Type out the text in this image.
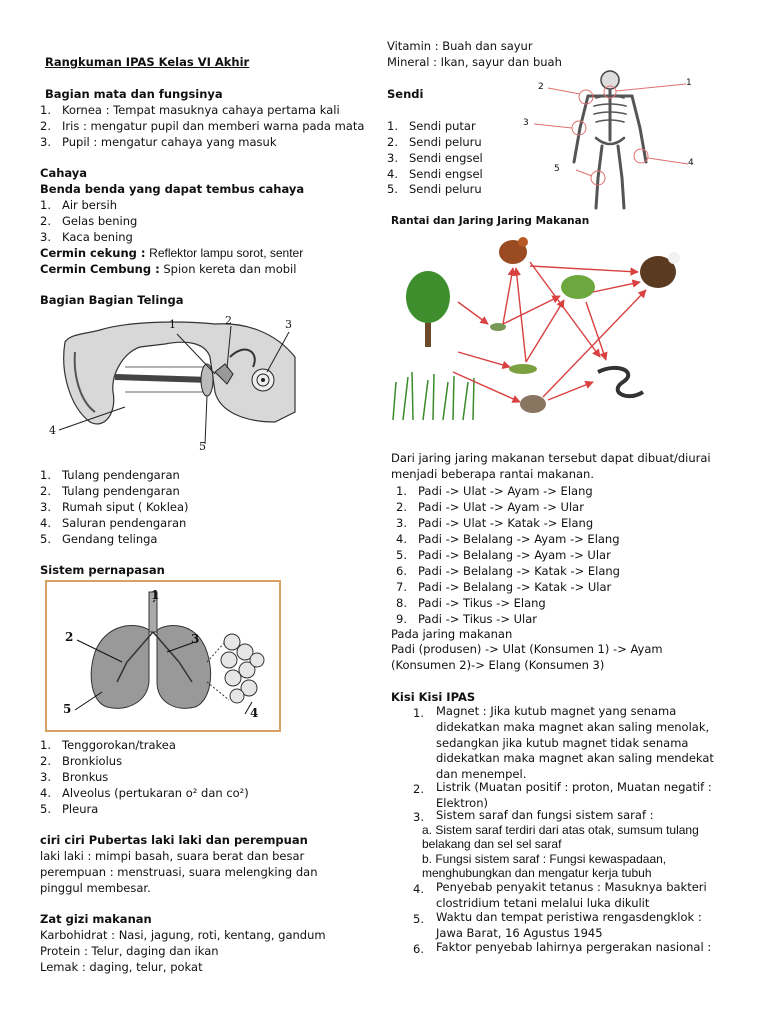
Rangkuman IPAS Kelas VI Akhir
Bagian mata dan fungsinya
1. Kornea : Tempat masuknya cahaya pertama kali
2. Iris : mengatur pupil dan memberi warna pada mata
3. Pupil : mengatur cahaya yang masuk
Cahaya
Benda benda yang dapat tembus cahaya
1. Air bersih
2. Gelas bening
3. Kaca bening
Cermin cekung : Reflektor lampu sorot, senter
Cermin Cembung : Spion kereta dan mobil
Bagian Bagian Telinga
1	2	3
4
5
1. Tulang pendengaran
2. Tulang pendengaran
3. Rumah siput ( Koklea)
4. Saluran pendengaran
5. Gendang telinga
Sistem pernapasan
1
2	3
4
5
1. Tenggorokan/trakea
2. Bronkiolus
3. Bronkus
4. Alveolus (pertukaran o² dan co²)
5. Pleura
ciri ciri Pubertas laki laki dan perempuan
laki laki : mimpi basah, suara berat dan besar perempuan : menstruasi, suara melengking dan pinggul membesar.
Zat gizi makanan
Karbohidrat : Nasi, jagung, roti, kentang, gandum
Protein : Telur, daging dan ikan
Lemak : daging, telur, pokat
Vitamin : Buah dan sayur
Mineral : Ikan, sayur dan buah
Sendi
1. Sendi putar
2. Sendi peluru
3. Sendi engsel
4. Sendi engsel
5. Sendi peluru
1
2
3
4
5
Rantai dan Jaring Jaring Makanan
Dari jaring jaring makanan tersebut dapat dibuat/diurai menjadi beberapa rantai makanan.
1. Padi -> Ulat -> Ayam -> Elang
2. Padi -> Ulat -> Ayam -> Ular
3. Padi -> Ulat -> Katak -> Elang
4. Padi -> Belalang -> Ayam -> Elang
5. Padi -> Belalang -> Ayam -> Ular
6. Padi -> Belalang -> Katak -> Elang
7. Padi -> Belalang -> Katak -> Ular
8. Padi -> Tikus -> Elang
9. Padi -> Tikus -> Ular
Pada jaring makanan
Padi (produsen) -> Ulat (Konsumen 1) -> Ayam (Konsumen 2)-> Elang (Konsumen 3)
Kisi Kisi IPAS
1. Magnet : Jika kutub magnet yang senama didekatkan maka magnet akan saling menolak, sedangkan jika kutub magnet tidak senama didekatkan maka magnet akan saling mendekat dan menempel.
2. Listrik (Muatan positif : proton, Muatan negatif : Elektron)
3. Sistem saraf dan fungsi sistem saraf :
a. Sistem saraf terdiri dari atas otak, sumsum tulang belakang dan sel sel saraf
b. Fungsi sistem saraf : Fungsi kewaspadaan, menghubungkan dan mengatur kerja tubuh
4. Penyebab penyakit tetanus : Masuknya bakteri clostridium tetani melalui luka dikulit
5. Waktu dan tempat peristiwa rengasdengklok : Jawa Barat, 16 Agustus 1945
6. Faktor penyebab lahirnya pergerakan nasional :
